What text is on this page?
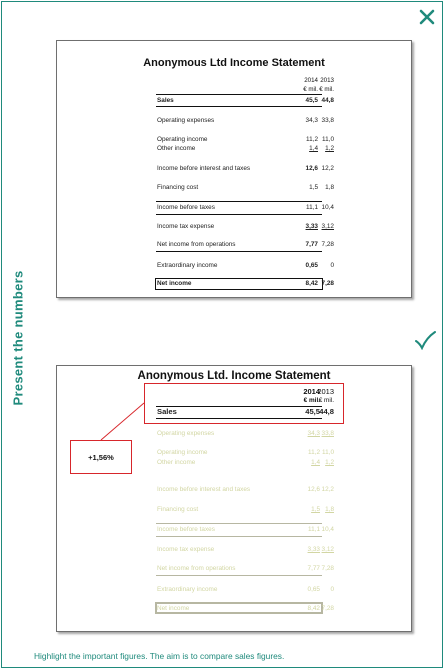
Present the numbers
Anonymous Ltd Income Statement
2014 2013
€ mil. € mil.
Sales	45,5 44,8
Operating expenses	34,3 33,8
Operating income	11,2 11,0
Other income	1,4 1,2
Income before interest and taxes	12,6 12,2
Financing cost	1,5 1,8
Income before taxes	11,1 10,4
Income tax expense	3,33 3,12
Net income from operations	7,77 7,28
Extraordinary income	0,65 0
Net income	8,42 7,28
Anonymous Ltd. Income Statement
2014
2013
€ mil.
€ mil.
Sales	45,5 44,8
+1,56%
Operating expenses	34,3 33,8
Operating income	11,2 11,0
Other income	1,4 1,2
Income before interest and taxes	12,6 12,2
Financing cost	1,5 1,8
Income before taxes	11,1 10,4
Income tax expense	3,33 3,12
Net income from operations	7,77 7,28
Extraordinary income	0,65 0
Net income	8,42 7,28
Highlight the important figures. The aim is to compare sales figures.
